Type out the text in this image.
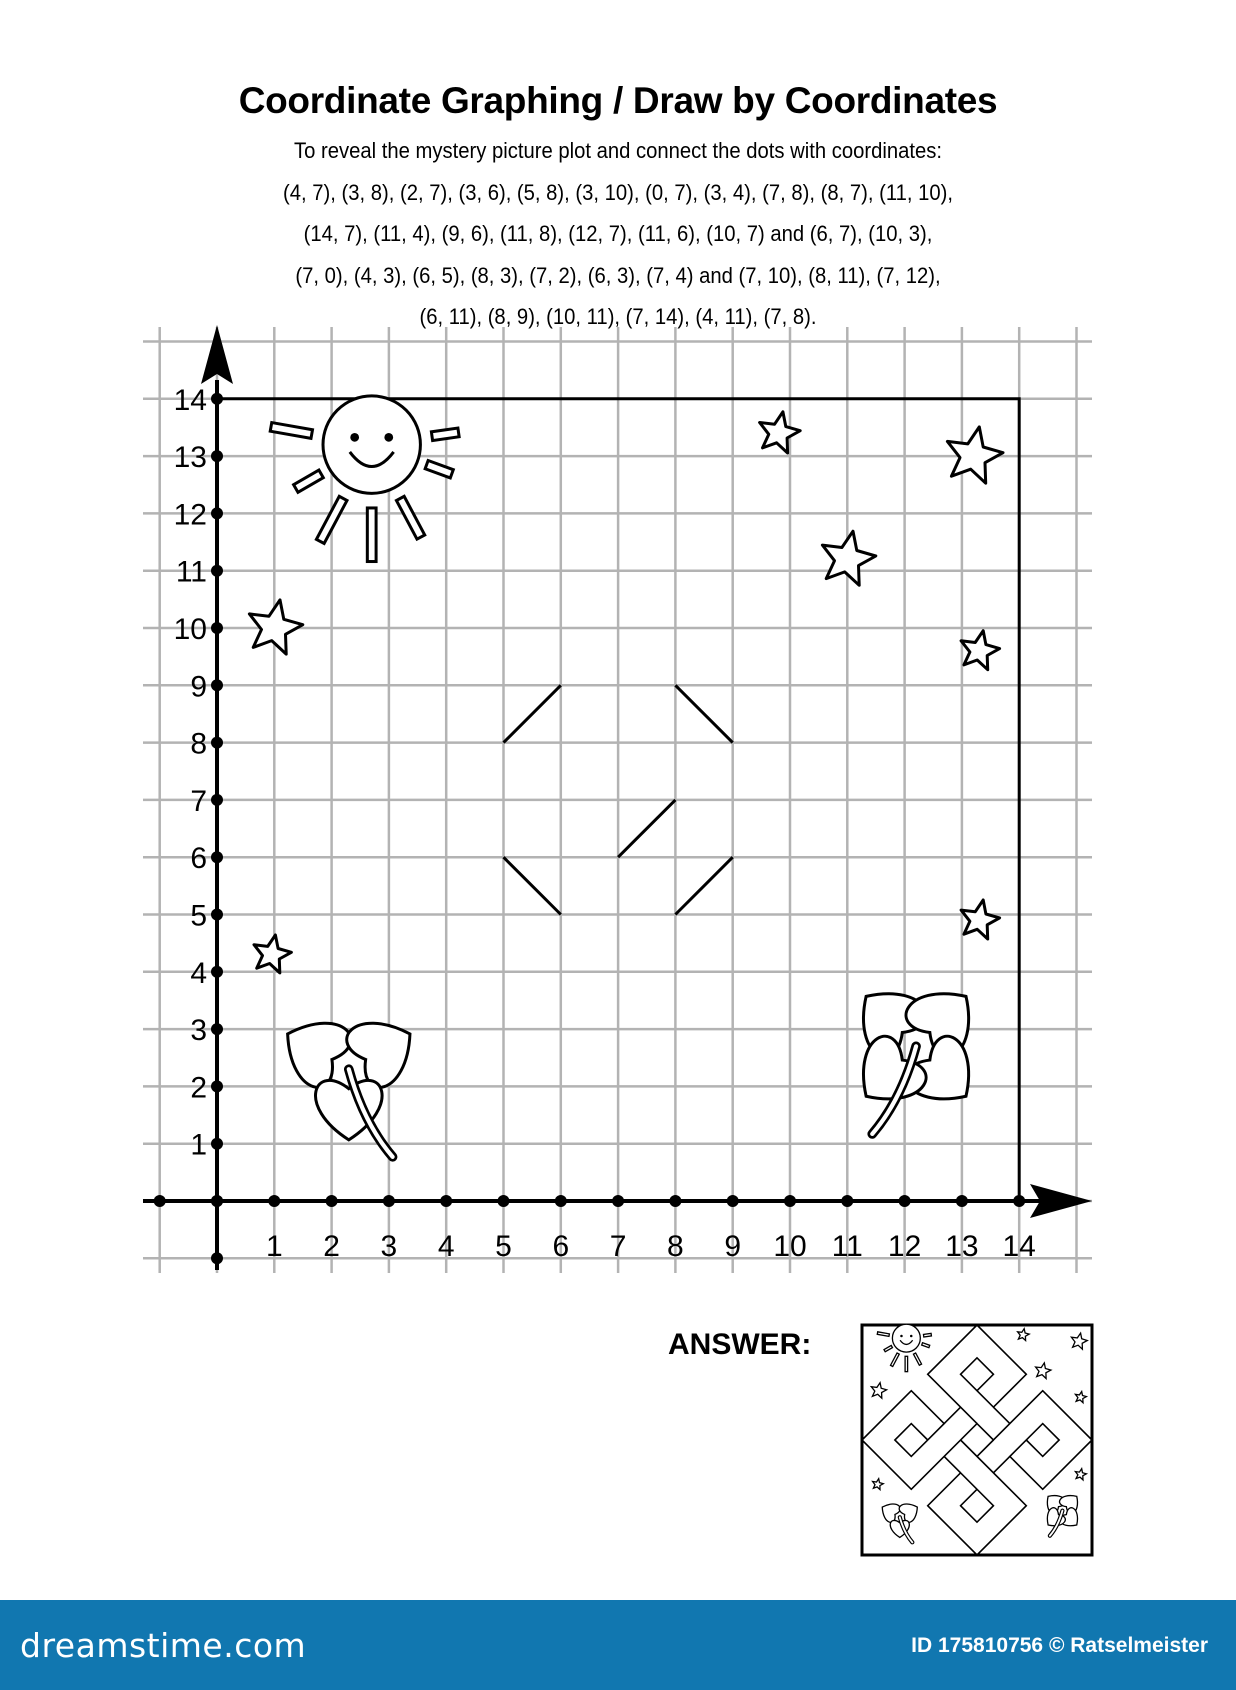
Coordinate Graphing / Draw by Coordinates
To reveal the mystery picture plot and connect the dots with coordinates:
(4, 7), (3, 8), (2, 7), (3, 6), (5, 8), (3, 10), (0, 7), (3, 4), (7, 8), (8, 7), (11, 10),
(14, 7), (11, 4), (9, 6), (11, 8), (12, 7), (11, 6), (10, 7) and (6, 7), (10, 3),
(7, 0), (4, 3), (6, 5), (8, 3), (7, 2), (6, 3), (7, 4) and (7, 10), (8, 11), (7, 12),
(6, 11), (8, 9), (10, 11), (7, 14), (4, 11), (7, 8).
1 2 3 4 5 6 7 8 9 10 11 12 13 14
1
2
3
4
5
6
7
8
9
10
11
12
13
14
ANSWER:
dreamstime.com	ID 175810756 © Ratselmeister
